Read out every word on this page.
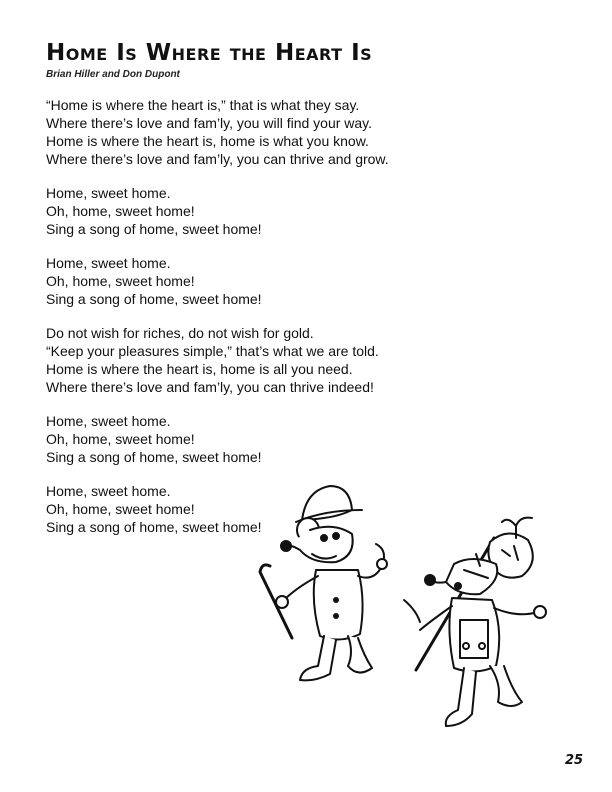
Home Is Where the Heart Is

Brian Hiller and Don Dupont

“Home is where the heart is,” that is what they say.
Where there’s love and fam’ly, you will find your way.
Home is where the heart is, home is what you know.
Where there’s love and fam’ly, you can thrive and grow.

Home, sweet home.
Oh, home, sweet home!
Sing a song of home, sweet home!

Home, sweet home.
Oh, home, sweet home!
Sing a song of home, sweet home!

Do not wish for riches, do not wish for gold.
“Keep your pleasures simple,” that’s what we are told.
Home is where the heart is, home is all you need.
Where there’s love and fam’ly, you can thrive indeed!

Home, sweet home.
Oh, home, sweet home!
Sing a song of home, sweet home!

Home, sweet home.
Oh, home, sweet home!
Sing a song of home, sweet home!

25
